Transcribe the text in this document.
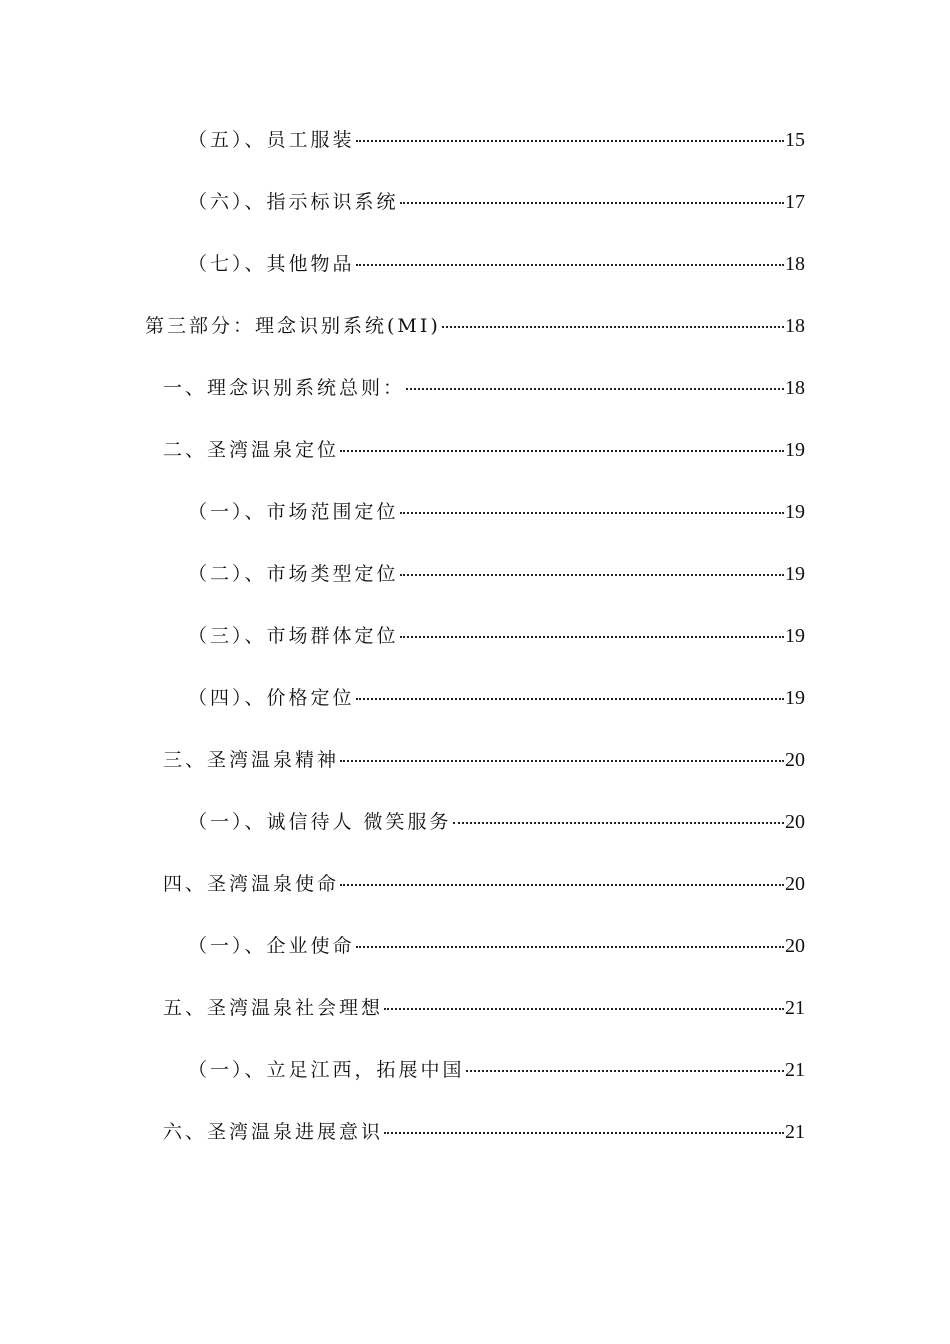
（五）、员工服装	15
（六）、指示标识系统	17
（七）、其他物品	18
第三部分：理念识别系统(MI)	18
一、理念识别系统总则：	18
二、圣湾温泉定位	19
（一）、市场范围定位	19
（二）、市场类型定位	19
（三）、市场群体定位	19
（四）、价格定位	19
三、圣湾温泉精神	20
（一）、诚信待人 微笑服务	20
四、圣湾温泉使命	20
（一）、企业使命	20
五、圣湾温泉社会理想	21
（一）、立足江西，拓展中国	21
六、圣湾温泉进展意识	21
